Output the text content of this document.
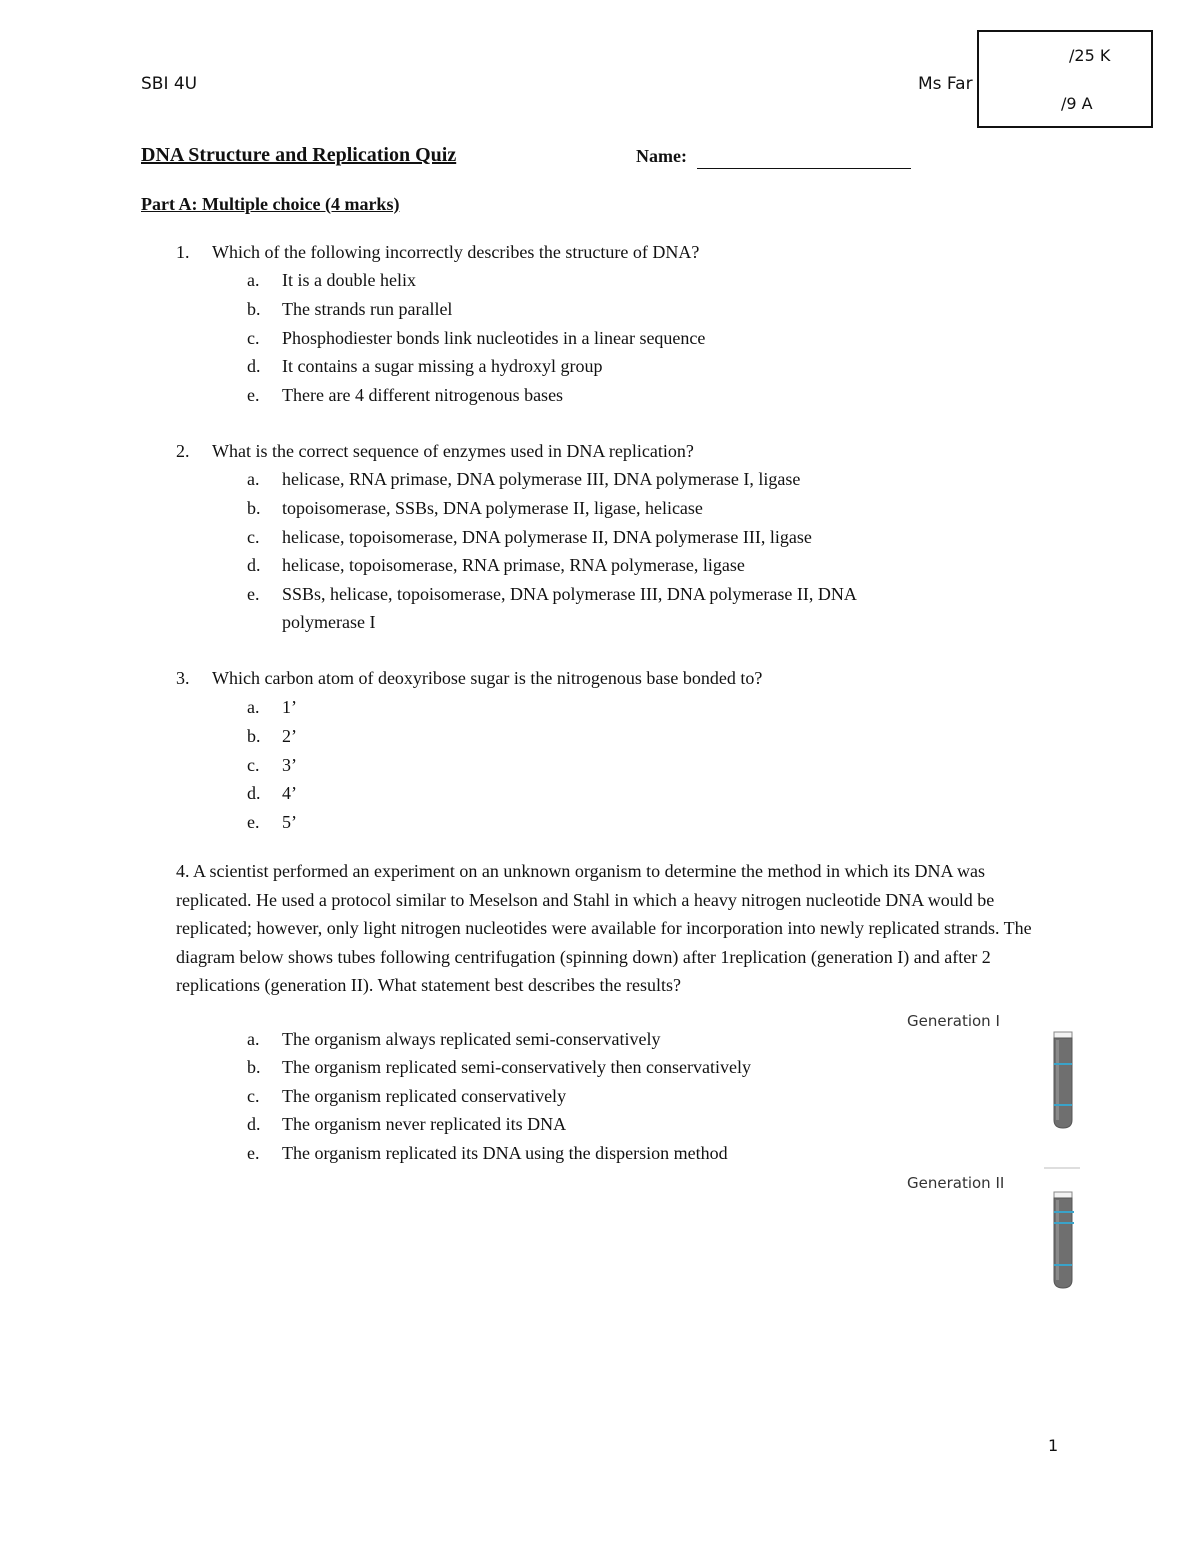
SBI 4U	Ms Far
/25 K
/9 A
DNA Structure and Replication Quiz	Name:
Part A: Multiple choice (4 marks)
1. Which of the following incorrectly describes the structure of DNA?
a. It is a double helix
b. The strands run parallel
c. Phosphodiester bonds link nucleotides in a linear sequence
d. It contains a sugar missing a hydroxyl group
e. There are 4 different nitrogenous bases
2. What is the correct sequence of enzymes used in DNA replication?
a. helicase, RNA primase, DNA polymerase III, DNA polymerase I, ligase
b. topoisomerase, SSBs, DNA polymerase II, ligase, helicase
c. helicase, topoisomerase, DNA polymerase II, DNA polymerase III, ligase
d. helicase, topoisomerase, RNA primase, RNA polymerase, ligase
e. SSBs, helicase, topoisomerase, DNA polymerase III, DNA polymerase II, DNA
polymerase I
3. Which carbon atom of deoxyribose sugar is the nitrogenous base bonded to?
a. 1’
b. 2’
c. 3’
d. 4’
e. 5’
4. A scientist performed an experiment on an unknown organism to determine the method in which its DNA was replicated. He used a protocol similar to Meselson and Stahl in which a heavy nitrogen nucleotide DNA would be replicated; however, only light nitrogen nucleotides were available for incorporation into newly replicated strands. The diagram below shows tubes following centrifugation (spinning down) after 1replication (generation I) and after 2 replications (generation II). What statement best describes the results?
a. The organism always replicated semi-conservatively
b. The organism replicated semi-conservatively then conservatively
c. The organism replicated conservatively
d. The organism never replicated its DNA
e. The organism replicated its DNA using the dispersion method
Generation I
Generation II
1
